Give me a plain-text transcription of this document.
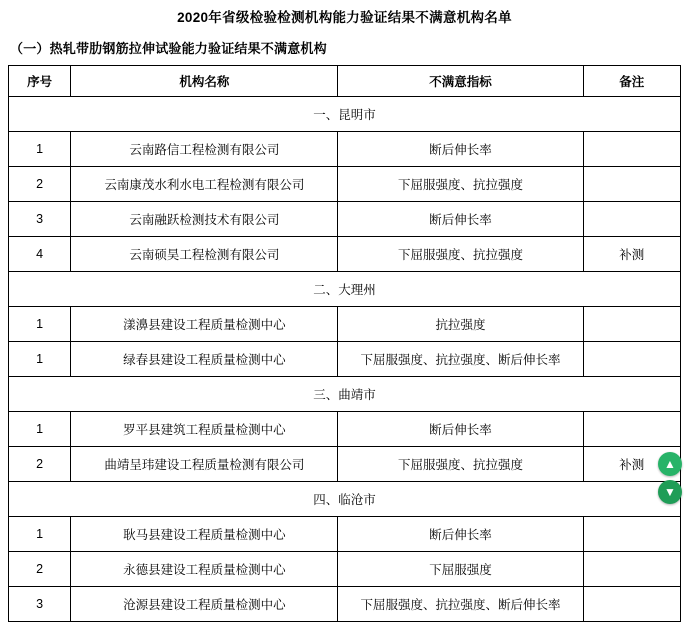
2020年省级检验检测机构能力验证结果不满意机构名单
（一）热轧带肋钢筋拉伸试验能力验证结果不满意机构
序号	机构名称	不满意指标	备注
一、昆明市			
1	云南路信工程检测有限公司	断后伸长率	
2	云南康茂水利水电工程检测有限公司	下屈服强度、抗拉强度	
3	云南融跃检测技术有限公司	断后伸长率	
4	云南硕昊工程检测有限公司	下屈服强度、抗拉强度	补测
二、大理州			
1	漾濞县建设工程质量检测中心	抗拉强度	
1	绿春县建设工程质量检测中心	下屈服强度、抗拉强度、断后伸长率	
三、曲靖市			
1	罗平县建筑工程质量检测中心	断后伸长率	
2	曲靖呈玮建设工程质量检测有限公司	下屈服强度、抗拉强度	补测
四、临沧市			
1	耿马县建设工程质量检测中心	断后伸长率	
2	永德县建设工程质量检测中心	下屈服强度	
3	沧源县建设工程质量检测中心	下屈服强度、抗拉强度、断后伸长率	
▲
▼
